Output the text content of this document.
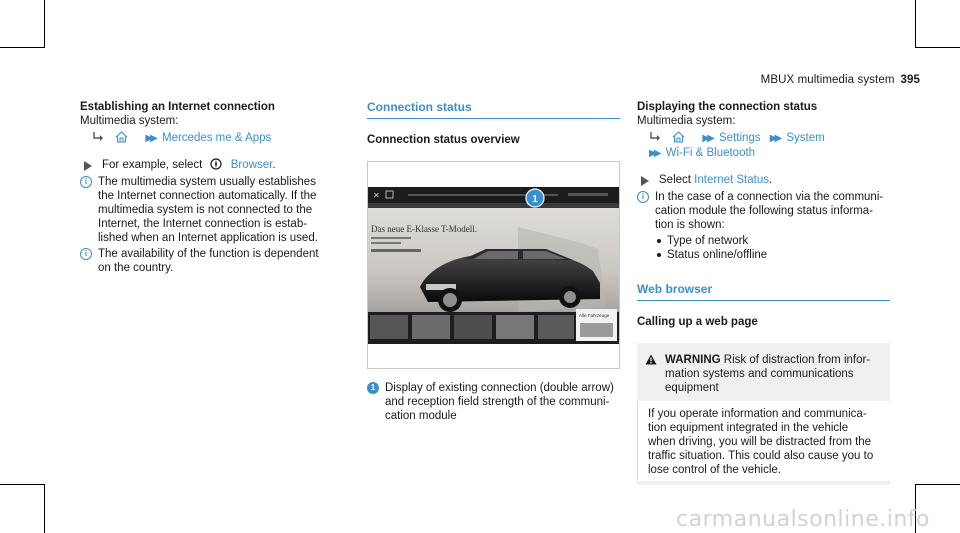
MBUX multimedia system 395
Establishing an Internet connection
Multimedia system:
▶▶ Mercedes me & Apps
For example, select Browser.
i The multimedia system usually establishes
the Internet connection automatically. If the
multimedia system is not connected to the
Internet, the Internet connection is estab-
lished when an Internet application is used.
i The availability of the function is dependent
on the country.
Connection status
Connection status overview
✕	1
Das neue E-Klasse T-Modell.
Alle Fahrzeuge
1 Display of existing connection (double arrow)
and reception field strength of the communi-
cation module
Displaying the connection status
Multimedia system:
▶▶ Settings ▶▶ System
▶▶ Wi-Fi & Bluetooth
Select Internet Status.
i In the case of a connection via the communi-
cation module the following status informa-
tion is shown:
Type of network
Status online/offline
Web browser
Calling up a web page
WARNING Risk of distraction from infor-
mation systems and communications
equipment
If you operate information and communica-
tion equipment integrated in the vehicle
when driving, you will be distracted from the
traffic situation. This could also cause you to
lose control of the vehicle.
carmanualsonline.info
